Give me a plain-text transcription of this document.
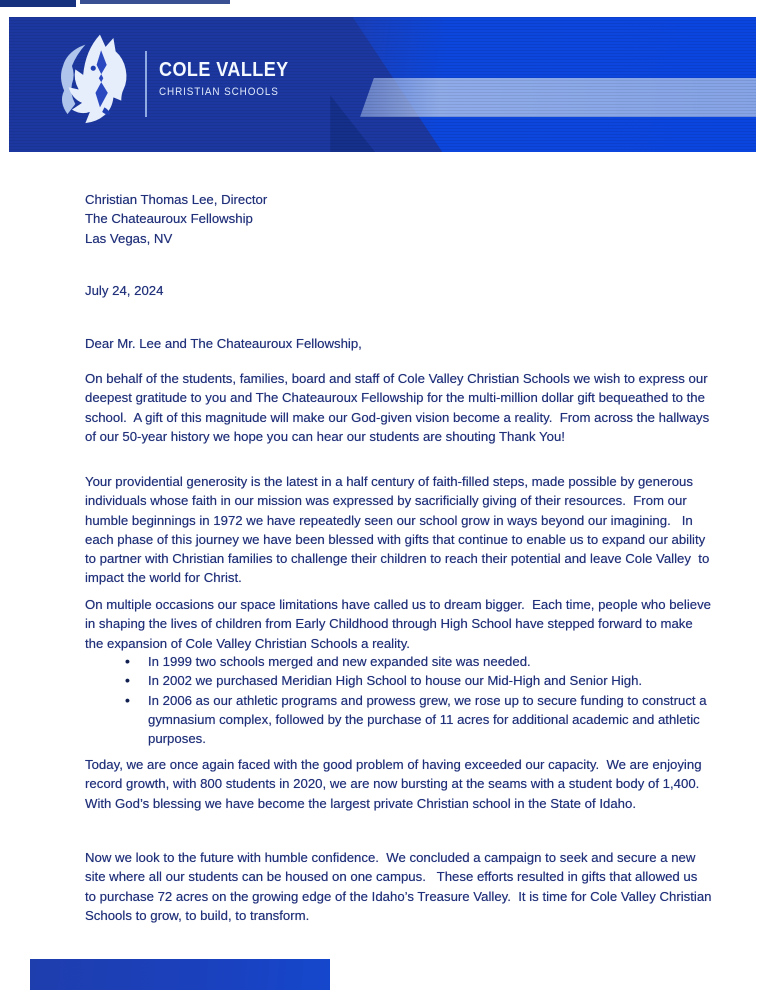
COLE VALLEY
CHRISTIAN SCHOOLS

Christian Thomas Lee, Director

The Chateauroux Fellowship

Las Vegas, NV

July 24, 2024

Dear Mr. Lee and The Chateauroux Fellowship,

On behalf of the students, families, board and staff of Cole Valley Christian Schools we wish to express our deepest gratitude to you and The Chateauroux Fellowship for the multi-million dollar gift bequeathed to the school.  A gift of this magnitude will make our God-given vision become a reality.  From across the hallways of our 50-year history we hope you can hear our students are shouting Thank You!

Your providential generosity is the latest in a half century of faith-filled steps, made possible by generous individuals whose faith in our mission was expressed by sacrificially giving of their resources.  From our humble beginnings in 1972 we have repeatedly seen our school grow in ways beyond our imagining.   In each phase of this journey we have been blessed with gifts that continue to enable us to expand our ability to partner with Christian families to challenge their children to reach their potential and leave Cole Valley  to impact the world for Christ.

On multiple occasions our space limitations have called us to dream bigger.  Each time, people who believe in shaping the lives of children from Early Childhood through High School have stepped forward to make the expansion of Cole Valley Christian Schools a reality.

• In 1999 two schools merged and new expanded site was needed.
• In 2002 we purchased Meridian High School to house our Mid-High and Senior High.
• In 2006 as our athletic programs and prowess grew, we rose up to secure funding to construct a gymnasium complex, followed by the purchase of 11 acres for additional academic and athletic purposes.

Today, we are once again faced with the good problem of having exceeded our capacity.  We are enjoying record growth, with 800 students in 2020, we are now bursting at the seams with a student body of 1,400.  With God’s blessing we have become the largest private Christian school in the State of Idaho.

Now we look to the future with humble confidence.  We concluded a campaign to seek and secure a new site where all our students can be housed on one campus.   These efforts resulted in gifts that allowed us to purchase 72 acres on the growing edge of the Idaho’s Treasure Valley.  It is time for Cole Valley Christian Schools to grow, to build, to transform.
